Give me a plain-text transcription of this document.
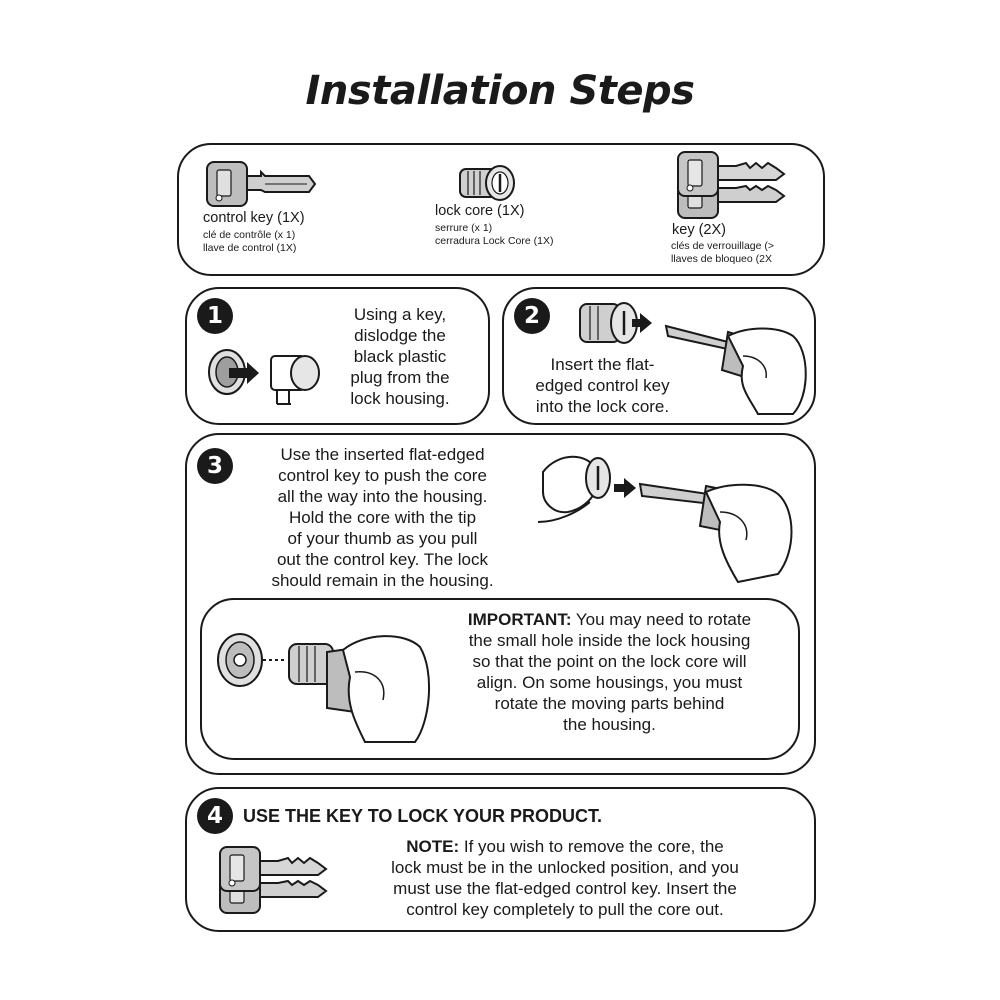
Installation Steps
control key (1X)
clé de contrôle (x 1)
llave de control (1X)
lock core (1X)
serrure (x 1)
cerradura Lock Core (1X)
key (2X)
clés de verrouillage (>
llaves de bloqueo (2X
1	Using a key,
dislodge the
black plastic
plug from the
lock housing.
2
Insert the flat-
edged control key
into the lock core.
3	Use the inserted flat-edged
control key to push the core
all the way into the housing.
Hold the core with the tip
of your thumb as you pull
out the control key. The lock
should remain in the housing.
IMPORTANT: You may need to rotate
the small hole inside the lock housing
so that the point on the lock core will
align. On some housings, you must
rotate the moving parts behind
the housing.
4	USE THE KEY TO LOCK YOUR PRODUCT.
NOTE: If you wish to remove the core, the
lock must be in the unlocked position, and you
must use the flat-edged control key. Insert the
control key completely to pull the core out.
